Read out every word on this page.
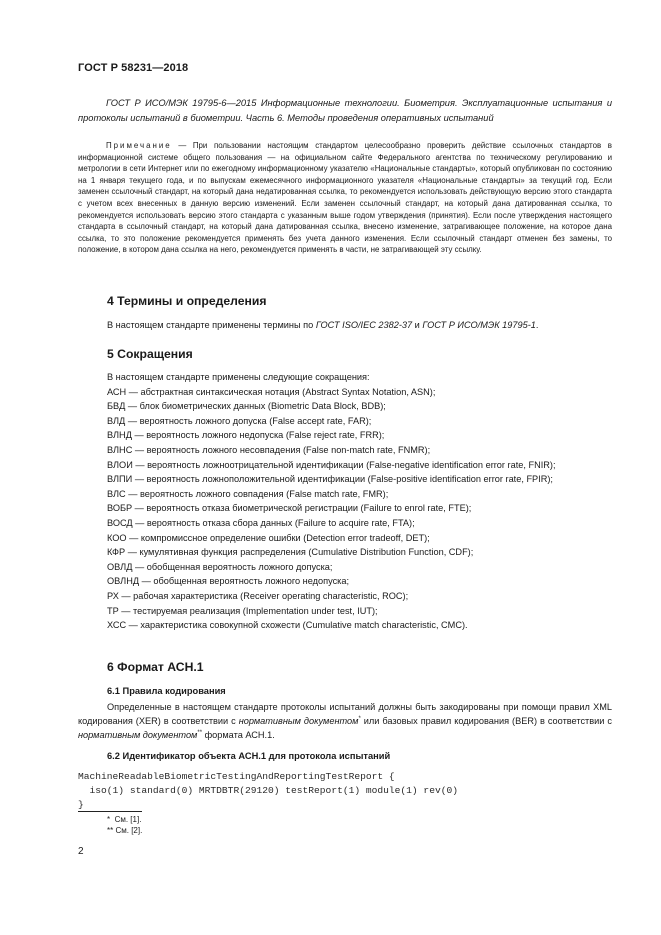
ГОСТ Р 58231—2018
ГОСТ Р ИСО/МЭК 19795-6—2015 Информационные технологии. Биометрия. Эксплуатационные испытания и протоколы испытаний в биометрии. Часть 6. Методы проведения оперативных испытаний
Примечание — При пользовании настоящим стандартом целесообразно проверить действие ссылочных стандартов в информационной системе общего пользования — на официальном сайте Федерального агентства по техническому регулированию и метрологии в сети Интернет или по ежегодному информационному указателю «Национальные стандарты», который опубликован по состоянию на 1 января текущего года, и по выпускам ежемесячного информационного указателя «Национальные стандарты» за текущий год. Если заменен ссылочный стандарт, на который дана недатированная ссылка, то рекомендуется использовать действующую версию этого стандарта с учетом всех внесенных в данную версию изменений. Если заменен ссылочный стандарт, на который дана датированная ссылка, то рекомендуется использовать версию этого стандарта с указанным выше годом утверждения (принятия). Если после утверждения настоящего стандарта в ссылочный стандарт, на который дана датированная ссылка, внесено изменение, затрагивающее положение, на которое дана ссылка, то это положение рекомендуется применять без учета данного изменения. Если ссылочный стандарт отменен без замены, то положение, в котором дана ссылка на него, рекомендуется применять в части, не затрагивающей эту ссылку.
4 Термины и определения
В настоящем стандарте применены термины по ГОСТ ISO/IEC 2382-37 и ГОСТ Р ИСО/МЭК 19795-1.
5 Сокращения
В настоящем стандарте применены следующие сокращения:
АСН — абстрактная синтаксическая нотация (Abstract Syntax Notation, ASN);
БBД — блок биометрических данных (Biometric Data Block, BDB);
ВЛД — вероятность ложного допуска (False accept rate, FAR);
ВЛНД — вероятность ложного недопуска (False reject rate, FRR);
ВЛНС — вероятность ложного несовпадения (False non-match rate, FNMR);
ВЛОИ — вероятность ложноотрицательной идентификации (False-negative identification error rate, FNIR);
ВЛПИ — вероятность ложноположительной идентификации (False-positive identification error rate, FPIR);
ВЛС — вероятность ложного совпадения (False match rate, FMR);
ВОБР — вероятность отказа биометрической регистрации (Failure to enrol rate, FTE);
ВОСД — вероятность отказа сбора данных (Failure to acquire rate, FTA);
КОО — компромиссное определение ошибки (Detection error tradeoff, DET);
КФР — кумулятивная функция распределения (Cumulative Distribution Function, CDF);
ОВЛД — обобщенная вероятность ложного допуска;
ОВЛНД — обобщенная вероятность ложного недопуска;
РХ — рабочая характеристика (Receiver operating characteristic, ROC);
ТР — тестируемая реализация (Implementation under test, IUT);
ХСС — характеристика совокупной схожести (Cumulative match characteristic, CMC).
6 Формат АСН.1
6.1 Правила кодирования
Определенные в настоящем стандарте протоколы испытаний должны быть закодированы при помощи правил XML кодирования (XER) в соответствии с нормативным документом* или базовых правил кодирования (BER) в соответствии с нормативным документом** формата АСН.1.
6.2 Идентификатор объекта АСН.1 для протокола испытаний
MachineReadableBiometricTestingAndReportingTestReport {
iso(1) standard(0) MRTDBTR(29120) testReport(1) module(1) rev(0)
}
* См. [1].
** См. [2].
2
